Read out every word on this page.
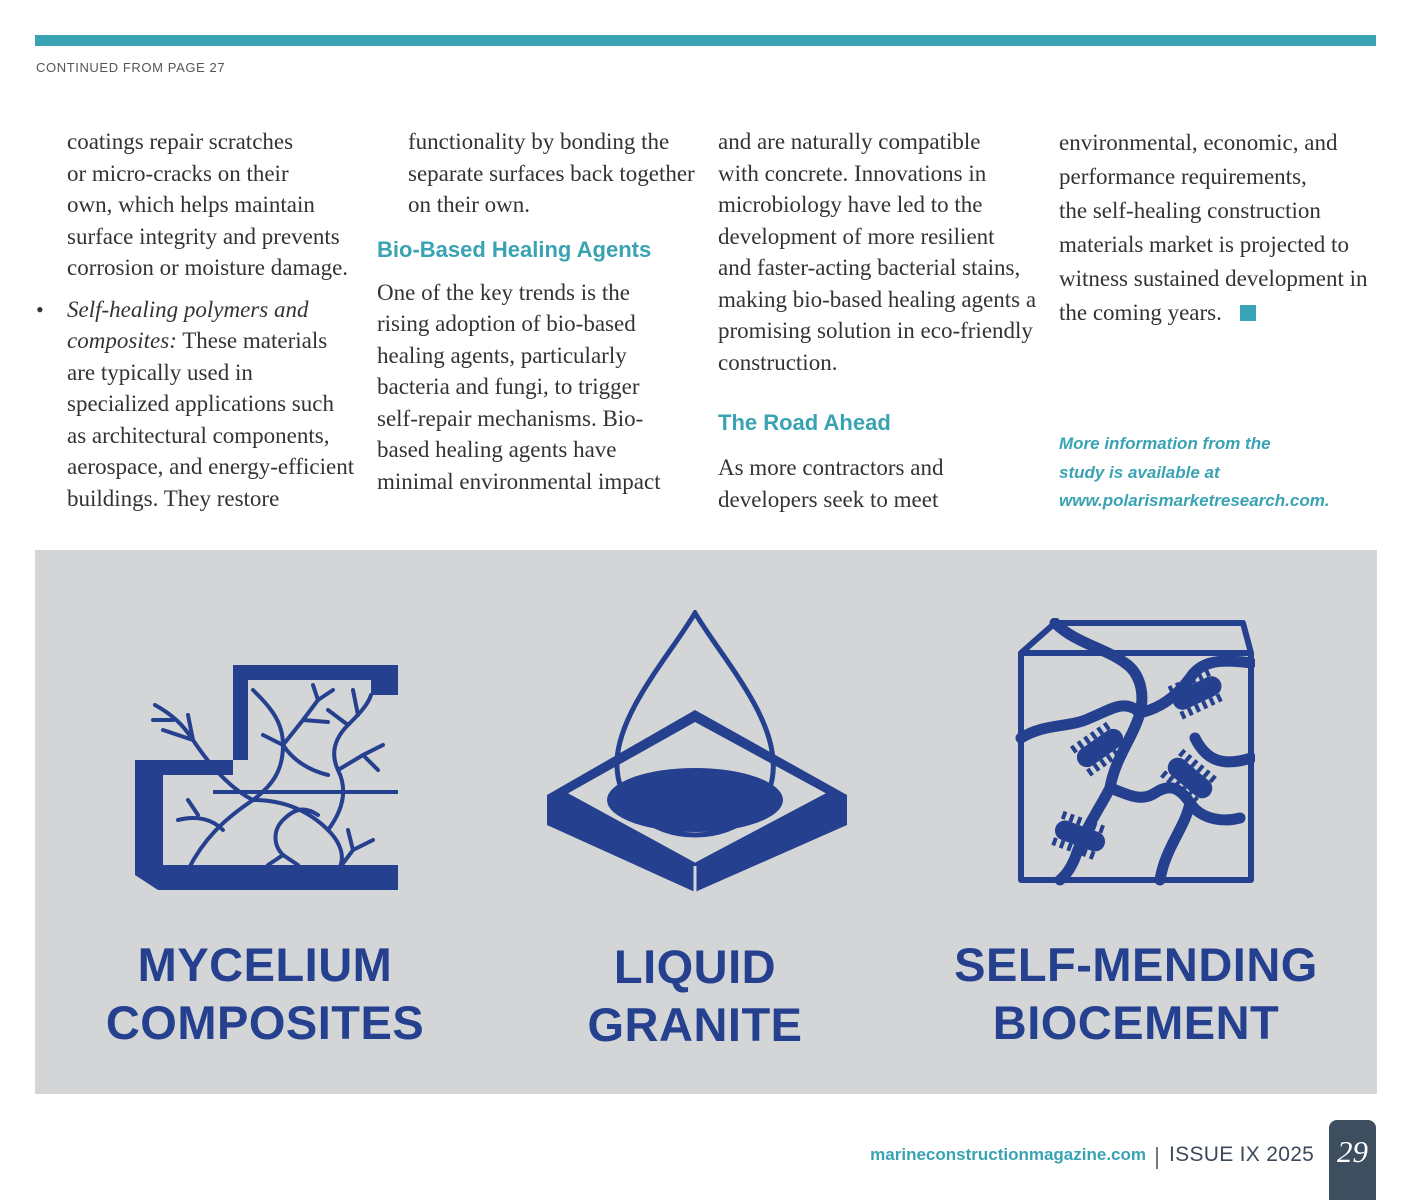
CONTINUED FROM PAGE 27
coatings repair scratches
or micro-cracks on their
own, which helps maintain
surface integrity and prevents
corrosion or moisture damage.
• Self-healing polymers and
composites: These materials
are typically used in
specialized applications such
as architectural components,
aerospace, and energy-efficient
buildings. They restore
functionality by bonding the
separate surfaces back together
on their own.
Bio-Based Healing Agents
One of the key trends is the
rising adoption of bio-based
healing agents, particularly
bacteria and fungi, to trigger
self-repair mechanisms. Bio-
based healing agents have
minimal environmental impact
and are naturally compatible
with concrete. Innovations in
microbiology have led to the
development of more resilient
and faster-acting bacterial stains,
making bio-based healing agents a
promising solution in eco-friendly
construction.
The Road Ahead
As more contractors and
developers seek to meet
environmental, economic, and
performance requirements,
the self-healing construction
materials market is projected to
witness sustained development in
the coming years.
More information from the
study is available at
www.polarismarketresearch.com.
MYCELIUM
COMPOSITES
LIQUID
GRANITE
SELF-MENDING
BIOCEMENT
marineconstructionmagazine.com ISSUE IX 2025 29
